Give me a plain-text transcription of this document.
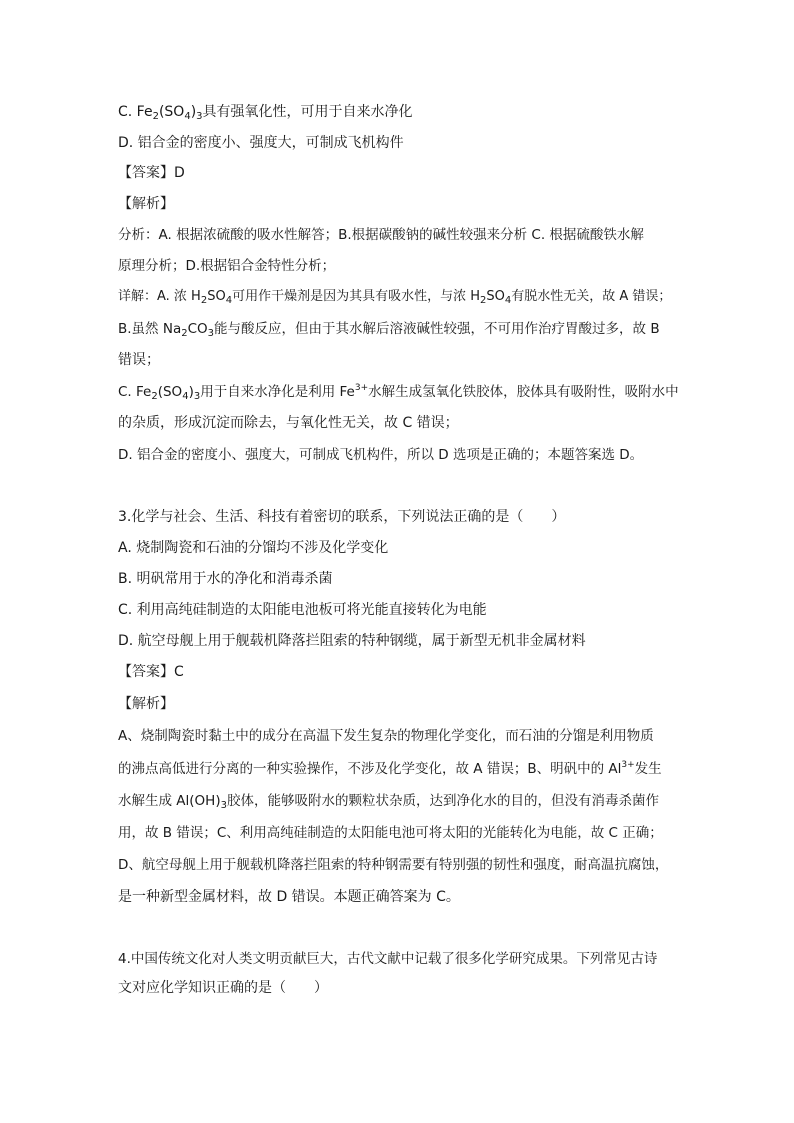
C. $Fe_2(SO_4)_3$具有强氧化性，可用于自来水净化
D. 铝合金的密度小、强度大，可制成飞机构件
【答案】D
【解析】
分析：A. 根据浓硫酸的吸水性解答；B.根据碳酸钠的碱性较强来分析 C. 根据硫酸铁水解
原理分析；D.根据铝合金特性分析；
详解：A. 浓 $H_2SO_4$可用作干燥剂是因为其具有吸水性，与浓 $H_2SO_4$有脱水性无关，故 A 错误；
B.虽然 $Na_2CO_3$能与酸反应，但由于其水解后溶液碱性较强，不可用作治疗胃酸过多，故 B
错误；
C. $Fe_2(SO_4)_3$用于自来水净化是利用 $Fe^{3+}$水解生成氢氧化铁胶体，胶体具有吸附性，吸附水中
的杂质，形成沉淀而除去，与氧化性无关，故 C 错误；
D. 铝合金的密度小、强度大，可制成飞机构件，所以 D 选项是正确的；本题答案选 D。
3.化学与社会、生活、科技有着密切的联系，下列说法正确的是（　　）
A. 烧制陶瓷和石油的分馏均不涉及化学变化
B. 明矾常用于水的净化和消毒杀菌
C. 利用高纯硅制造的太阳能电池板可将光能直接转化为电能
D. 航空母舰上用于舰载机降落拦阻索的特种钢缆，属于新型无机非金属材料
【答案】C
【解析】
A、烧制陶瓷时黏土中的成分在高温下发生复杂的物理化学变化，而石油的分馏是利用物质
的沸点高低进行分离的一种实验操作，不涉及化学变化，故 A 错误；B、明矾中的 $Al^{3+}$发生
水解生成 $Al(OH)_3$胶体，能够吸附水的颗粒状杂质，达到净化水的目的，但没有消毒杀菌作
用，故 B 错误；C、利用高纯硅制造的太阳能电池可将太阳的光能转化为电能，故 C 正确；
D、航空母舰上用于舰载机降落拦阻索的特种钢需要有特别强的韧性和强度，耐高温抗腐蚀，
是一种新型金属材料，故 D 错误。本题正确答案为 C。
4.中国传统文化对人类文明贡献巨大，古代文献中记载了很多化学研究成果。下列常见古诗
文对应化学知识正确的是（　　）
